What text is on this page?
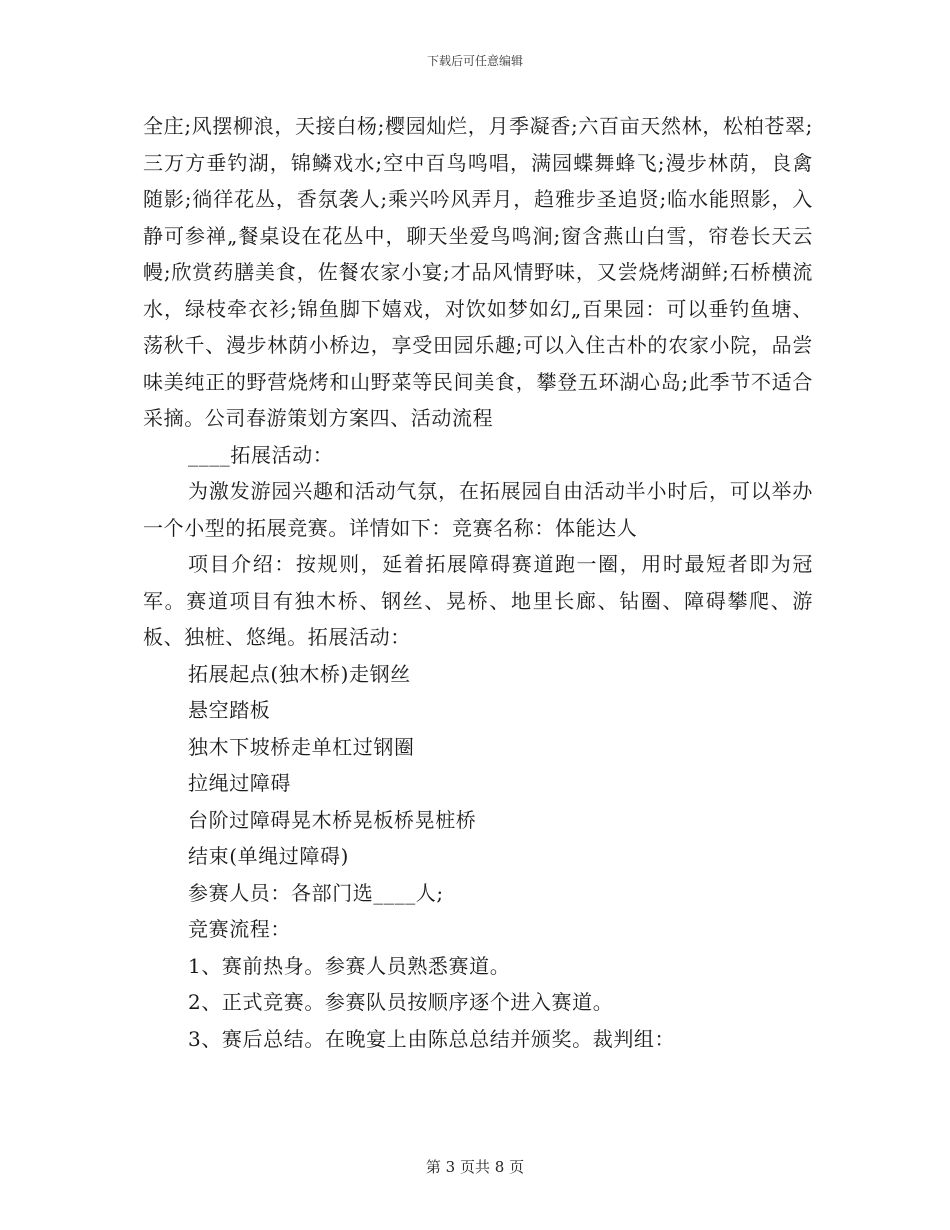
下载后可任意编辑

全庄;风摆柳浪，天接白杨;樱园灿烂，月季凝香;六百亩天然林，松柏苍翠;三万方垂钓湖，锦鳞戏水;空中百鸟鸣唱，满园蝶舞蜂飞;漫步林荫，良禽随影;徜徉花丛，香氛袭人;乘兴吟风弄月，趋雅步圣追贤;临水能照影，入静可参禅„餐桌设在花丛中，聊天坐爱鸟鸣涧;窗含燕山白雪，帘卷长天云幔;欣赏药膳美食，佐餐农家小宴;才品风情野味，又尝烧烤湖鲜;石桥横流水，绿枝牵衣衫;锦鱼脚下嬉戏，对饮如梦如幻„百果园：可以垂钓鱼塘、荡秋千、漫步林荫小桥边，享受田园乐趣;可以入住古朴的农家小院，品尝味美纯正的野营烧烤和山野菜等民间美食，攀登五环湖心岛;此季节不适合采摘。公司春游策划方案四、活动流程

____拓展活动：

为激发游园兴趣和活动气氛，在拓展园自由活动半小时后，可以举办一个小型的拓展竞赛。详情如下：竞赛名称：体能达人

项目介绍：按规则，延着拓展障碍赛道跑一圈，用时最短者即为冠军。赛道项目有独木桥、钢丝、晃桥、地里长廊、钻圈、障碍攀爬、游板、独桩、悠绳。拓展活动：

拓展起点(独木桥)走钢丝

悬空踏板

独木下坡桥走单杠过钢圈

拉绳过障碍

台阶过障碍晃木桥晃板桥晃桩桥

结束(单绳过障碍)

参赛人员：各部门选____人;

竞赛流程：

1、赛前热身。参赛人员熟悉赛道。

2、正式竞赛。参赛队员按顺序逐个进入赛道。

3、赛后总结。在晚宴上由陈总总结并颁奖。裁判组：

第 3 页共 8 页
